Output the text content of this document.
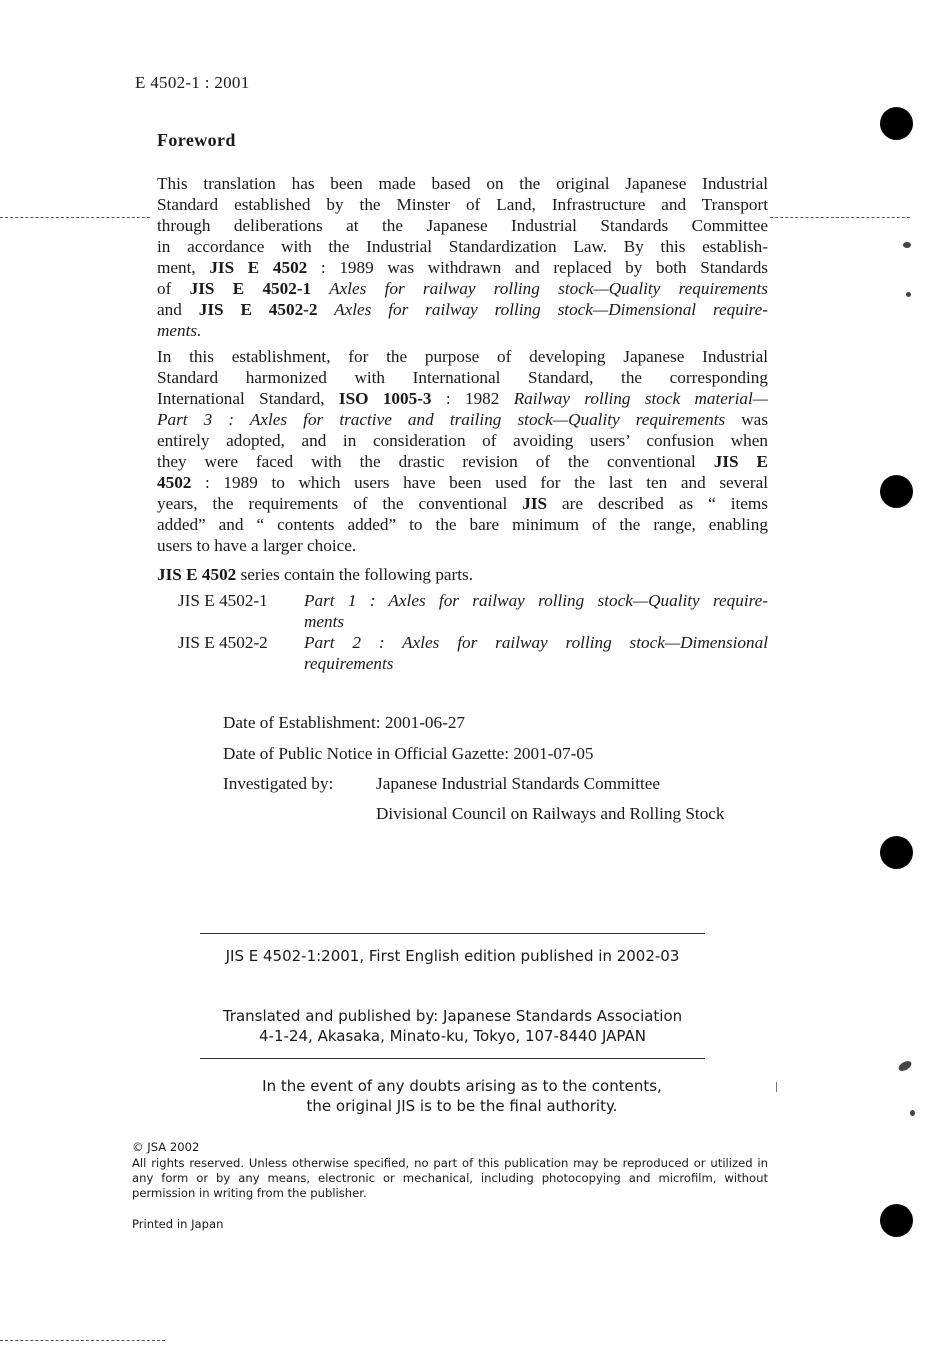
E 4502-1 : 2001
Foreword
This translation has been made based on the original Japanese Industrial
Standard established by the Minster of Land, Infrastructure and Transport
through deliberations at the Japanese Industrial Standards Committee
in accordance with the Industrial Standardization Law. By this establish-
ment, JIS E 4502 : 1989 was withdrawn and replaced by both Standards
of JIS E 4502-1 Axles for railway rolling stock—Quality requirements
and JIS E 4502-2 Axles for railway rolling stock—Dimensional require-
ments.
In this establishment, for the purpose of developing Japanese Industrial
Standard harmonized with International Standard, the corresponding
International Standard, ISO 1005-3 : 1982 Railway rolling stock material—
Part 3 : Axles for tractive and trailing stock—Quality requirements was
entirely adopted, and in consideration of avoiding users’ confusion when
they were faced with the drastic revision of the conventional JIS E
4502 : 1989 to which users have been used for the last ten and several
years, the requirements of the conventional JIS are described as “ items
added” and “ contents added” to the bare minimum of the range, enabling
users to have a larger choice.
JIS E 4502 series contain the following parts.
JIS E 4502-1 Part 1 : Axles for railway rolling stock—Quality require-
ments
JIS E 4502-2 Part 2 : Axles for railway rolling stock—Dimensional
requirements
Date of Establishment: 2001-06-27
Date of Public Notice in Official Gazette: 2001-07-05
Investigated by: Japanese Industrial Standards Committee
Divisional Council on Railways and Rolling Stock
JIS E 4502-1:2001, First English edition published in 2002-03
Translated and published by: Japanese Standards Association
4-1-24, Akasaka, Minato-ku, Tokyo, 107-8440 JAPAN
In the event of any doubts arising as to the contents,
the original JIS is to be the final authority.
© JSA 2002
All rights reserved. Unless otherwise specified, no part of this publication may be reproduced or utilized in any form or by any means, electronic or mechanical, including photocopying and microfilm, without permission in writing from the publisher.
Printed in Japan
